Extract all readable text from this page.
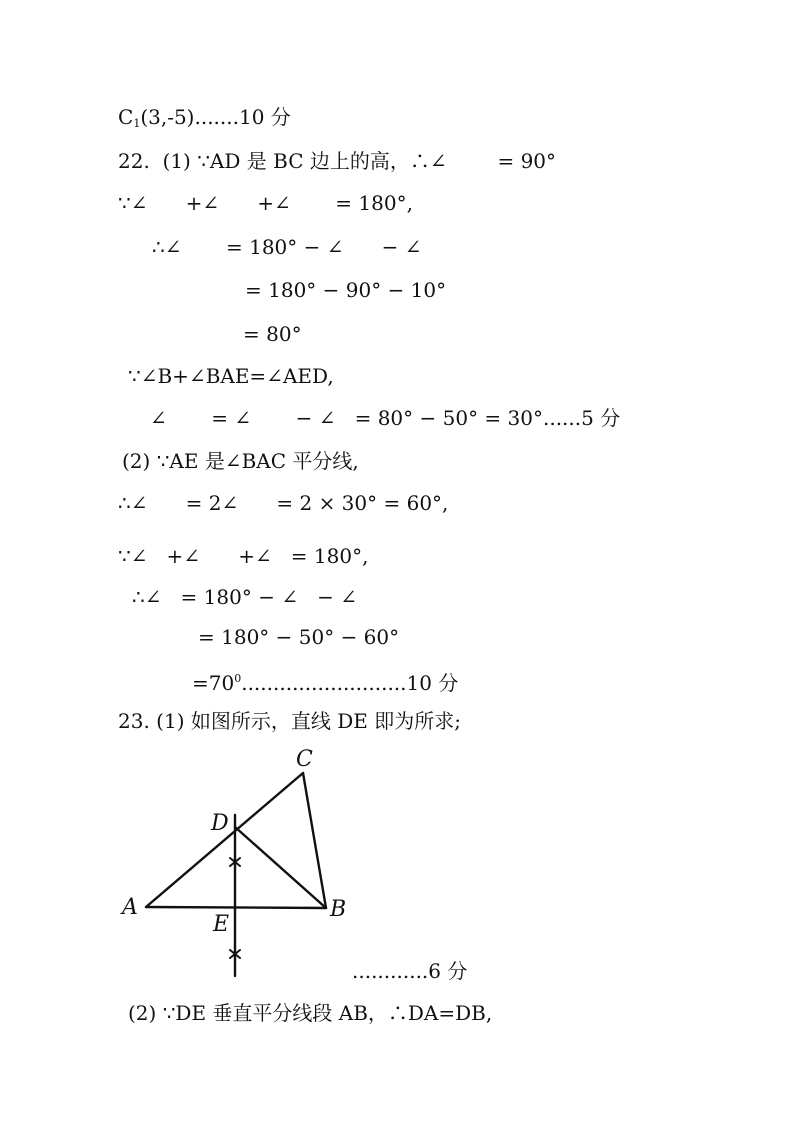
$C_1(3,-5).......10$ 分
22.  (1) ∵AD 是 BC 边上的高，∴∠        = 90°
∵∠      +∠      +∠       = 180°,
∴∠       = 180° − ∠      − ∠
= 180° − 90° − 10°
= 80°
∵∠B+∠BAE=∠AED,
∠       = ∠       − ∠   = 80° − 50° = 30°......5 分
(2) ∵AE 是∠BAC 平分线,
∴∠      = 2∠      = 2 × 30° = 60°,
∵∠   +∠      +∠   = 180°,
∴∠   = 180° − ∠   − ∠
= 180° − 50° − 60°
$=70^0..........................10$ 分
23. (1) 如图所示，直线 DE 即为所求;
A	B
C
D
E
............6 分
(2) ∵DE 垂直平分线段 AB，∴DA=DB,
